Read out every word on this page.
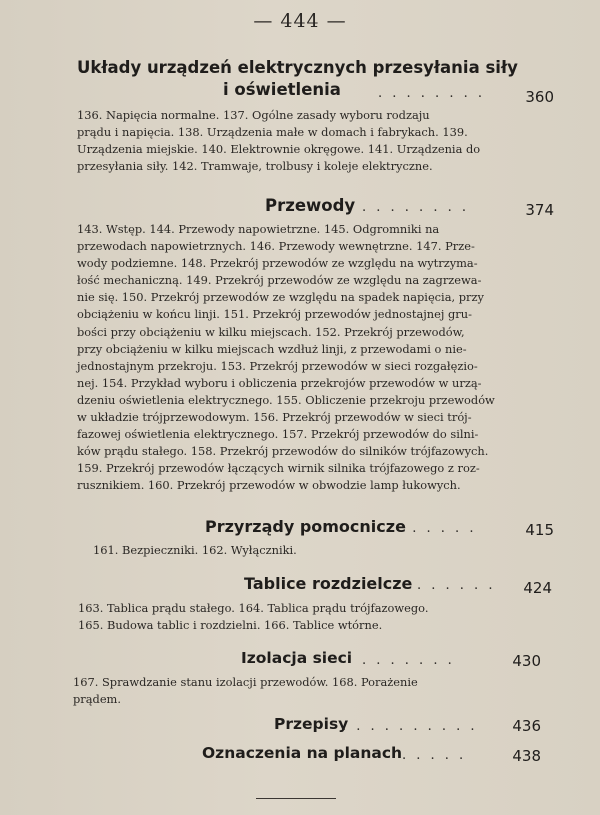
— 444 —
Układy urządzeń elektrycznych przesyłania siły
i oświetlenia	. . . . . . . .	360
136. Napięcia normalne. 137. Ogólne zasady wyboru rodzaju
prądu i napięcia. 138. Urządzenia małe w domach i fabrykach. 139.
Urządzenia miejskie. 140. Elektrownie okręgowe. 141. Urządzenia do
przesyłania siły. 142. Tramwaje, trolbusy i koleje elektryczne.
Przewody . . . . . . . .	374
143. Wstęp. 144. Przewody napowietrzne. 145. Odgromniki na
przewodach napowietrznych. 146. Przewody wewnętrzne. 147. Prze-
wody podziemne. 148. Przekrój przewodów ze względu na wytrzyma-
łość mechaniczną. 149. Przekrój przewodów ze względu na zagrzewa-
nie się. 150. Przekrój przewodów ze względu na spadek napięcia, przy
obciążeniu w końcu linji. 151. Przekrój przewodów jednostajnej gru-
bości przy obciążeniu w kilku miejscach. 152. Przekrój przewodów,
przy obciążeniu w kilku miejscach wzdłuż linji, z przewodami o nie-
jednostajnym przekroju. 153. Przekrój przewodów w sieci rozgałęzio-
nej. 154. Przykład wyboru i obliczenia przekrojów przewodów w urzą-
dzeniu oświetlenia elektrycznego. 155. Obliczenie przekroju przewodów
w układzie trójprzewodowym. 156. Przekrój przewodów w sieci trój-
fazowej oświetlenia elektrycznego. 157. Przekrój przewodów do silni-
ków prądu stałego. 158. Przekrój przewodów do silników trójfazowych.
159. Przekrój przewodów łączących wirnik silnika trójfazowego z roz-
rusznikiem. 160. Przekrój przewodów w obwodzie lamp łukowych.
Przyrządy pomocnicze
. . . . . .	415
161. Bezpieczniki. 162. Wyłączniki.
Tablice rozdzielcze . . . . . .	424
163. Tablica prądu stałego. 164. Tablica prądu trójfazowego.
165. Budowa tablic i rozdzielni. 166. Tablice wtórne.
Izolacja sieci . . . . . . .	430
167. Sprawdzanie stanu izolacji przewodów. 168. Porażenie
prądem.
Przepisy
. . . . . . . . . .	436
Oznaczenia na planach . . . . .	438
